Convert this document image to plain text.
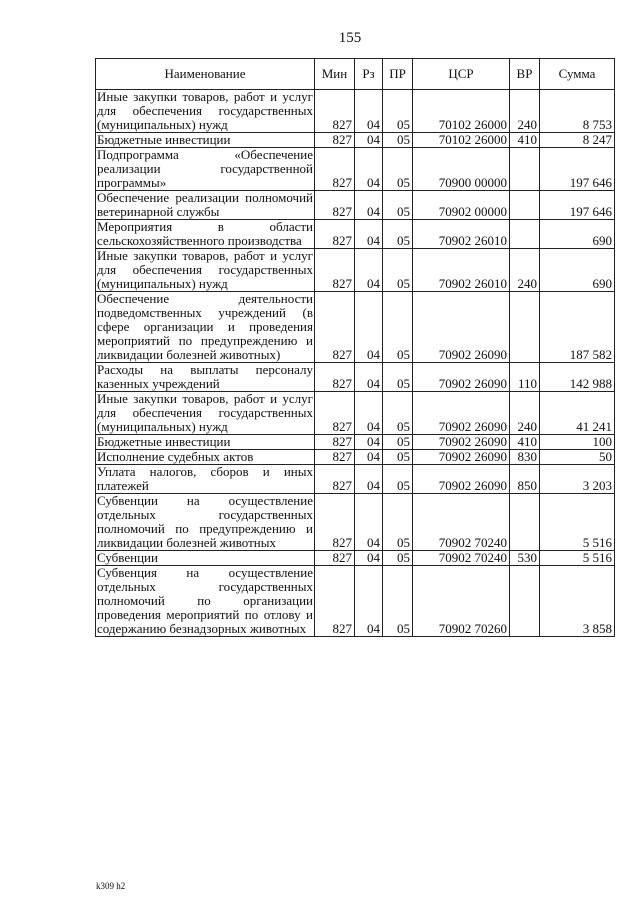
155
Наименование	Мин	Рз	ПР	ЦСР	ВР	Сумма
Иные закупки товаров, работ и услуг для обеспечения государственных (муниципальных) нужд	827	04	05	70102 26000	240	8 753
Бюджетные инвестиции	827	04	05	70102 26000	410	8 247
Подпрограмма «Обеспечение реализации государственной программы»	827	04	05	70900 00000		197 646
Обеспечение реализации полномочий ветеринарной службы	827	04	05	70902 00000		197 646
Мероприятия в области сельскохозяйственного производства	827	04	05	70902 26010		690
Иные закупки товаров, работ и услуг для обеспечения государственных (муниципальных) нужд	827	04	05	70902 26010	240	690
Обеспечение деятельности подведомственных учреждений (в сфере организации и проведения мероприятий по предупреждению и ликвидации болезней животных)	827	04	05	70902 26090		187 582
Расходы на выплаты персоналу казенных учреждений	827	04	05	70902 26090	110	142 988
Иные закупки товаров, работ и услуг для обеспечения государственных (муниципальных) нужд	827	04	05	70902 26090	240	41 241
Бюджетные инвестиции	827	04	05	70902 26090	410	100
Исполнение судебных актов	827	04	05	70902 26090	830	50
Уплата налогов, сборов и иных платежей	827	04	05	70902 26090	850	3 203
Субвенции на осуществление отдельных государственных полномочий по предупреждению и ликвидации болезней животных	827	04	05	70902 70240		5 516
Субвенции	827	04	05	70902 70240	530	5 516
Субвенция на осуществление отдельных государственных полномочий по организации проведения мероприятий по отлову и содержанию безнадзорных животных	827	04	05	70902 70260		3 858
k309 h2
